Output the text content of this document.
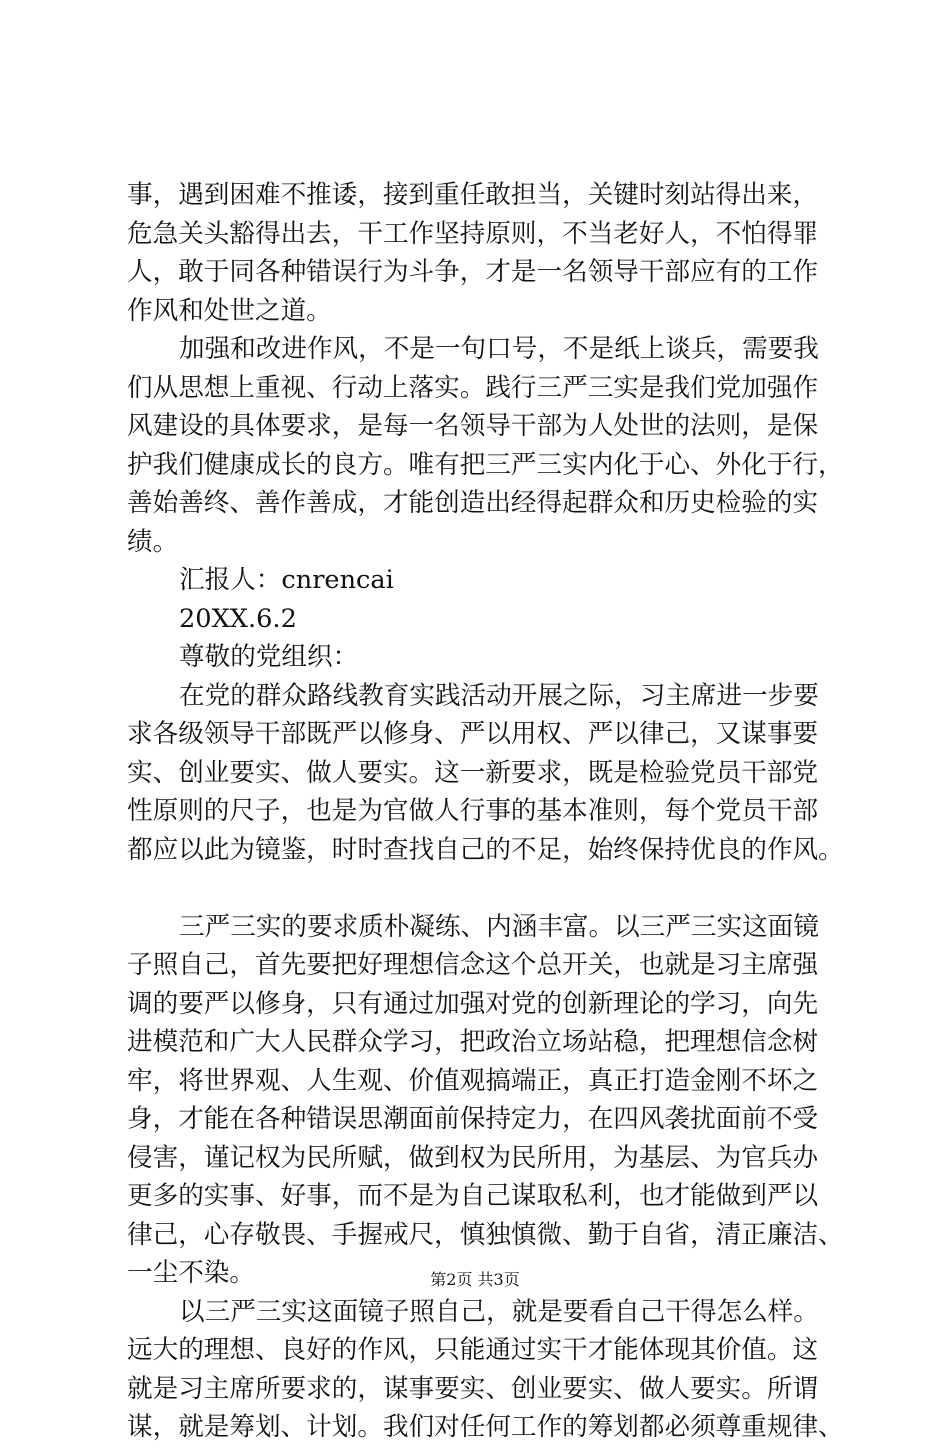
事，遇到困难不推诿，接到重任敢担当，关键时刻站得出来，
危急关头豁得出去，干工作坚持原则，不当老好人，不怕得罪
人，敢于同各种错误行为斗争，才是一名领导干部应有的工作
作风和处世之道。
加强和改进作风，不是一句口号，不是纸上谈兵，需要我
们从思想上重视、行动上落实。践行三严三实是我们党加强作
风建设的具体要求，是每一名领导干部为人处世的法则，是保
护我们健康成长的良方。唯有把三严三实内化于心、外化于行，
善始善终、善作善成，才能创造出经得起群众和历史检验的实
绩。
汇报人：cnrencai
20XX.6.2
尊敬的党组织：
在党的群众路线教育实践活动开展之际，习主席进一步要
求各级领导干部既严以修身、严以用权、严以律己，又谋事要
实、创业要实、做人要实。这一新要求，既是检验党员干部党
性原则的尺子，也是为官做人行事的基本准则，每个党员干部
都应以此为镜鉴，时时查找自己的不足，始终保持优良的作风。
三严三实的要求质朴凝练、内涵丰富。以三严三实这面镜
子照自己，首先要把好理想信念这个总开关，也就是习主席强
调的要严以修身，只有通过加强对党的创新理论的学习，向先
进模范和广大人民群众学习，把政治立场站稳，把理想信念树
牢，将世界观、人生观、价值观搞端正，真正打造金刚不坏之
身，才能在各种错误思潮面前保持定力，在四风袭扰面前不受
侵害，谨记权为民所赋，做到权为民所用，为基层、为官兵办
更多的实事、好事，而不是为自己谋取私利，也才能做到严以
律己，心存敬畏、手握戒尺，慎独慎微、勤于自省，清正廉洁、
一尘不染。
以三严三实这面镜子照自己，就是要看自己干得怎么样。
远大的理想、良好的作风，只能通过实干才能体现其价值。这
就是习主席所要求的，谋事要实、创业要实、做人要实。所谓
谋，就是筹划、计划。我们对任何工作的筹划都必须尊重规律、
第2页 共3页
